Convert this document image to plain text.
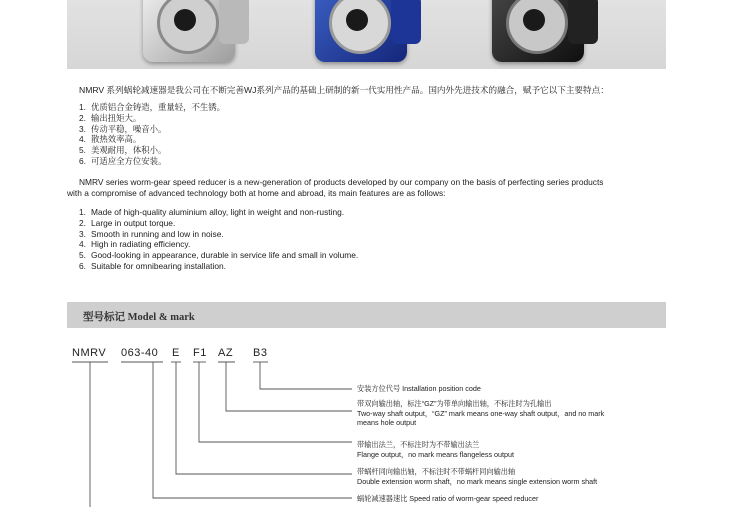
NMRV 系列蜗轮减速器是我公司在不断完善WJ系列产品的基础上研制的新一代实用性产品。国内外先进技术的融合，赋予它以下主要特点：
1. 优质铝合金铸造，重量轻，不生锈。
2. 输出扭矩大。
3. 传动平稳，噪音小。
4. 散热效率高。
5. 美观耐用，体积小。
6. 可适应全方位安装。
NMRV series worm-gear speed reducer is a new-generation of products developed by our company on the basis of perfecting series products
with a compromise of advanced technology both at home and abroad, its main features are as follows:
1. Made of high-quality aluminium alloy, light in weight and non-rusting.
2. Large in output torque.
3. Smooth in running and low in noise.
4. High in radiating efficiency.
5. Good-looking in appearance, durable in service life and small in volume.
6. Suitable for omnibearing installation.
型号标记 Model & mark
NMRV 063-40 E F1 AZ B3
安装方位代号 Installation position code
带双向输出轴，标注“GZ”为带单向输出轴，不标注时为孔输出
Two-way shaft output，“GZ” mark means one-way shaft output，and no mark
means hole output
带输出法兰，不标注时为不带输出法兰
Flange output，no mark means flangeless output
带蜗杆同向输出轴，不标注时不带蜗杆同向输出轴
Double extension worm shaft，no mark means single extension worm shaft
蜗轮减速器速比 Speed ratio of worm-gear speed reducer
